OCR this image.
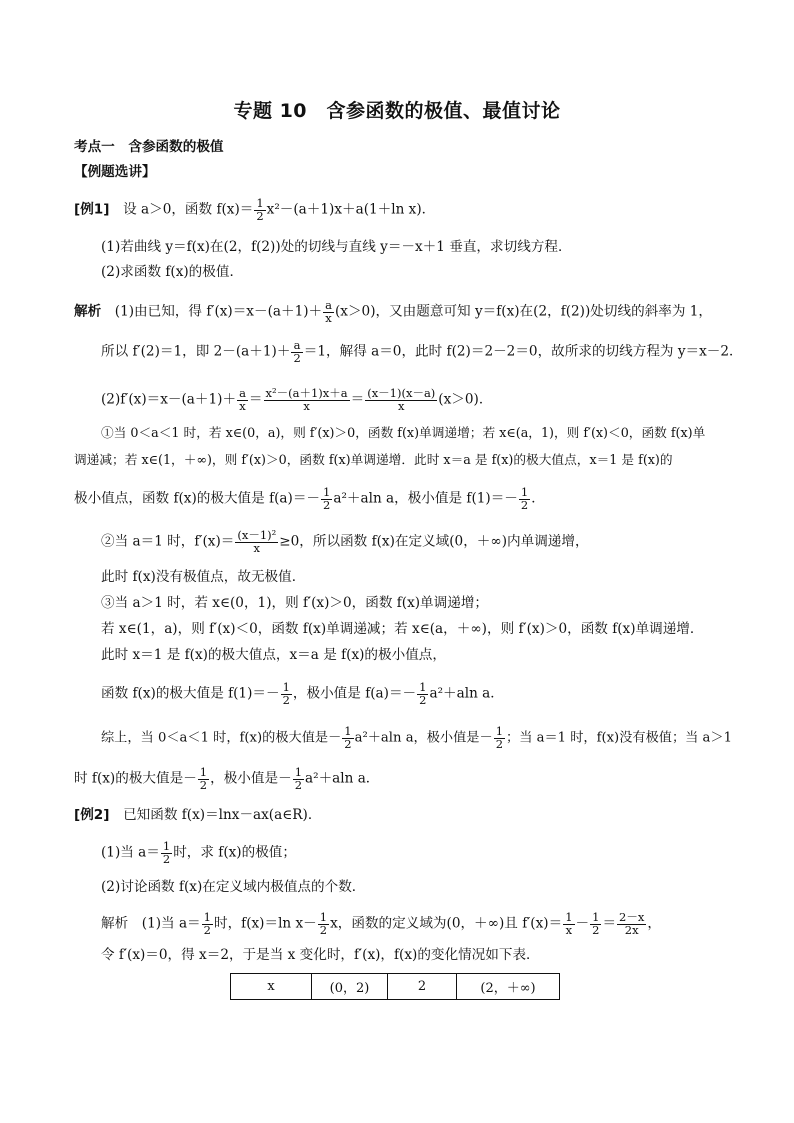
专题 10　含参函数的极值、最值讨论
考点一　含参函数的极值
【例题选讲】
[例1]　 设 a＞0，函数 $f(x)= \frac{1}{2} x^2-(a+1)x+a(1+\ln$ x)．
(1)若曲线 y＝f(x)在(2，f(2))处的切线与直线 y＝－x＋1 垂直，求切线方程．
(2)求函数 f(x)的极值．
解析　 (1)由已知，得 $f'(x)=x-(a+1)+ \frac{a}{x} (x>0)$，又由题意可知 y＝f(x)在(2，f(2))处切线的斜率为 1，
所以 f′(2)＝1，即 $2-(a+1)+ \frac{a}{2} =1$，解得 a＝0，此时 f(2)＝2－2＝0，故所求的切线方程为 y＝x－2．
$(2)f'(x)=x-(a+1)+ \frac{a}{x} = \frac{\text{x²－(a＋1)x＋a}}{x} = \frac{(x-1)(x-a)}{x} (x>0)$．
①当 0＜a＜1 时，若 x∈(0，a)，则 f′(x)＞0，函数 f(x)单调递增；若 x∈(a，1)，则 f′(x)＜0，函数 f(x)单
调递减；若 x∈(1，＋∞)，则 f′(x)＞0，函数 f(x)单调递增．此时 x＝a 是 f(x)的极大值点，x＝1 是 f(x)的
极小值点，函数 f(x)的极大值是 $f(a)=- \frac{1}{2} a^2+aln$ a，极小值是 $f(1)=- \frac{1}{2}$ ．
②当 a＝1 时，$f'(x)= \frac{\text{(x－1)²}}{x} \ge 0$，所以函数 f(x)在定义域(0，＋∞)内单调递增，
此时 f(x)没有极值点，故无极值．
③当 a＞1 时，若 x∈(0，1)，则 f′(x)＞0，函数 f(x)单调递增；
若 x∈(1，a)，则 f′(x)＜0，函数 f(x)单调递减；若 x∈(a，＋∞)，则 f′(x)＞0，函数 f(x)单调递增．
此时 x＝1 是 f(x)的极大值点，x＝a 是 f(x)的极小值点，
函数 f(x)的极大值是 $f(1)=- \frac{1}{2}$ ，极小值是 $f(a)=- \frac{1}{2} a^2+aln$ a．
综上，当 0＜a＜1 时，f(x)的极大值是－ $\frac{1}{2} a^2+aln$ a，极小值是－ $\frac{1}{2}$ ；当 a＝1 时，f(x)没有极值；当 a＞1
时 f(x)的极大值是－ $\frac{1}{2}$ ，极小值是－ $\frac{1}{2} a^2+aln$ a．
[例2]　 已知函数 f(x)＝lnx－ax(a∈R)．
(1)当 $a= \frac{1}{2}$ 时，求 f(x)的极值；
(2)讨论函数 f(x)在定义域内极值点的个数．
解析　 (1)当 $a= \frac{1}{2}$ 时，f(x)＝ln $x- \frac{1}{2}$ x，函数的定义域为(0，＋∞)且 $f'(x)= \frac{1}{x} - \frac{1}{2} = \frac{2-x}{2x}$ ，
令 f′(x)＝0，得 x＝2，于是当 x 变化时，f′(x)，f(x)的变化情况如下表．
x	(0，2)	2	(2，＋∞)
